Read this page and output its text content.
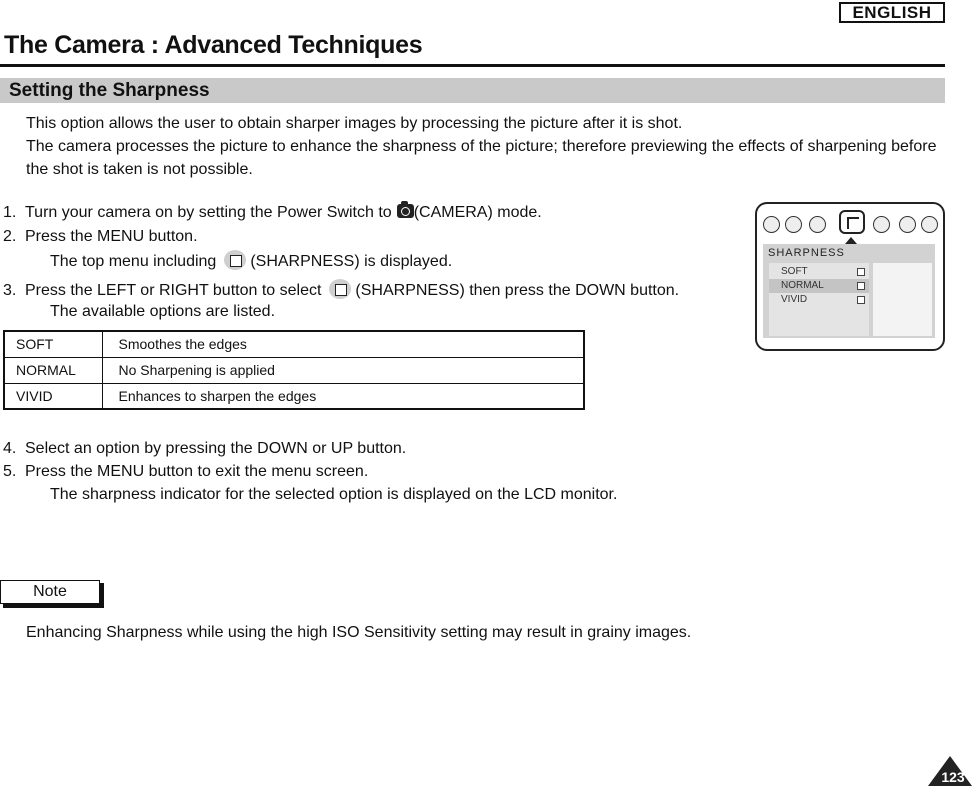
ENGLISH
The Camera : Advanced Techniques
Setting the Sharpness
This option allows the user to obtain sharper images by processing the picture after it is shot.
The camera processes the picture to enhance the sharpness of the picture; therefore previewing the effects of sharpening before the shot is taken is not possible.
1. Turn your camera on by setting the Power Switch to (CAMERA) mode.
2. Press the MENU button.
The top menu including (SHARPNESS) is displayed.
3. Press the LEFT or RIGHT button to select (SHARPNESS) then press the DOWN button.
The available options are listed.
SOFT	Smoothes the edges
NORMAL	No Sharpening is applied
VIVID	Enhances to sharpen the edges
4. Select an option by pressing the DOWN or UP button.
5. Press the MENU button to exit the menu screen.
The sharpness indicator for the selected option is displayed on the LCD monitor.
SHARPNESS
SOFT
NORMAL
VIVID
Note
Enhancing Sharpness while using the high ISO Sensitivity setting may result in grainy images.
123
